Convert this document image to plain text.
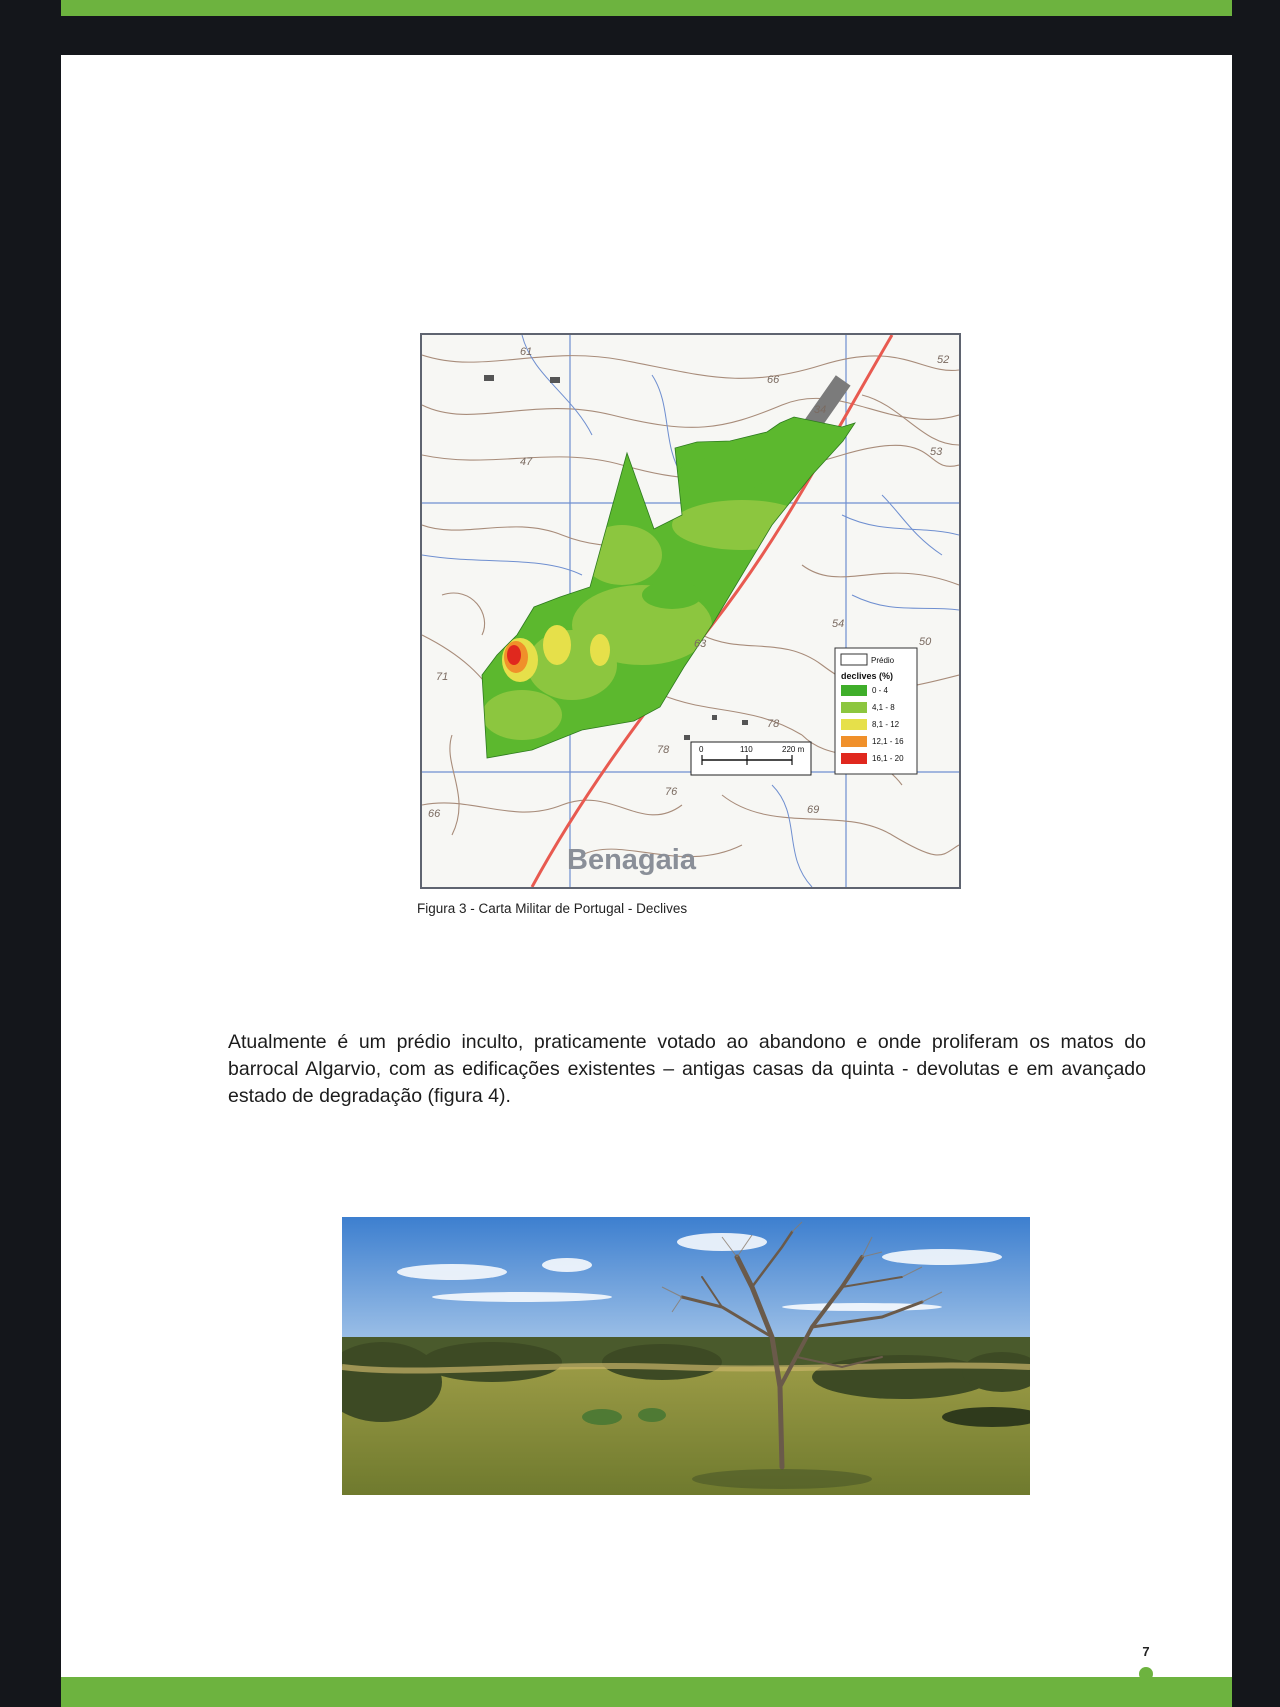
61
47
66
34
53
52
63
54
50
71
78
76
69
66
78
Benagaia
0	110	220 m
Prédio
declives (%)
0 - 4
4,1 - 8
8,1 - 12
12,1 - 16
16,1 - 20
Figura 3 - Carta Militar de Portugal - Declives
Atualmente é um prédio inculto, praticamente votado ao abandono e onde proliferam os matos do barrocal Algarvio, com as edificações existentes – antigas casas da quinta - devolutas e em avançado estado de degradação (figura 4).
7
